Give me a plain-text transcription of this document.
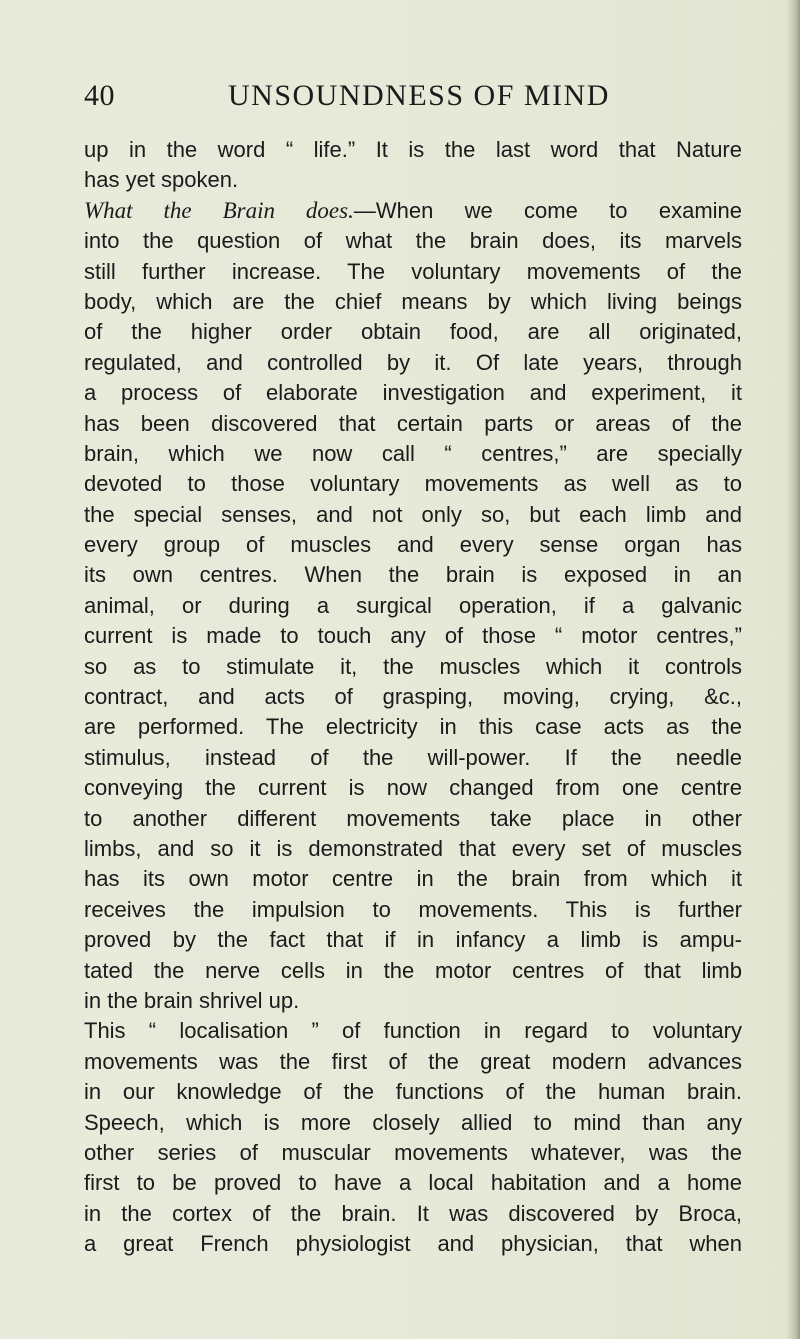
40	UNSOUNDNESS OF MIND
up in the word “ life.” It is the last word that Nature
has yet spoken.
What the Brain does.—When we come to examine
into the question of what the brain does, its marvels
still further increase. The voluntary movements of the
body, which are the chief means by which living beings
of the higher order obtain food, are all originated,
regulated, and controlled by it. Of late years, through
a process of elaborate investigation and experiment, it
has been discovered that certain parts or areas of the
brain, which we now call “ centres,” are specially
devoted to those voluntary movements as well as to
the special senses, and not only so, but each limb and
every group of muscles and every sense organ has
its own centres. When the brain is exposed in an
animal, or during a surgical operation, if a galvanic
current is made to touch any of those “ motor centres,”
so as to stimulate it, the muscles which it controls
contract, and acts of grasping, moving, crying, &c.,
are performed. The electricity in this case acts as the
stimulus, instead of the will-power. If the needle
conveying the current is now changed from one centre
to another different movements take place in other
limbs, and so it is demonstrated that every set of muscles
has its own motor centre in the brain from which it
receives the impulsion to movements. This is further
proved by the fact that if in infancy a limb is ampu-
tated the nerve cells in the motor centres of that limb
in the brain shrivel up.
This “ localisation ” of function in regard to voluntary
movements was the first of the great modern advances
in our knowledge of the functions of the human brain.
Speech, which is more closely allied to mind than any
other series of muscular movements whatever, was the
first to be proved to have a local habitation and a home
in the cortex of the brain. It was discovered by Broca,
a great French physiologist and physician, that when
